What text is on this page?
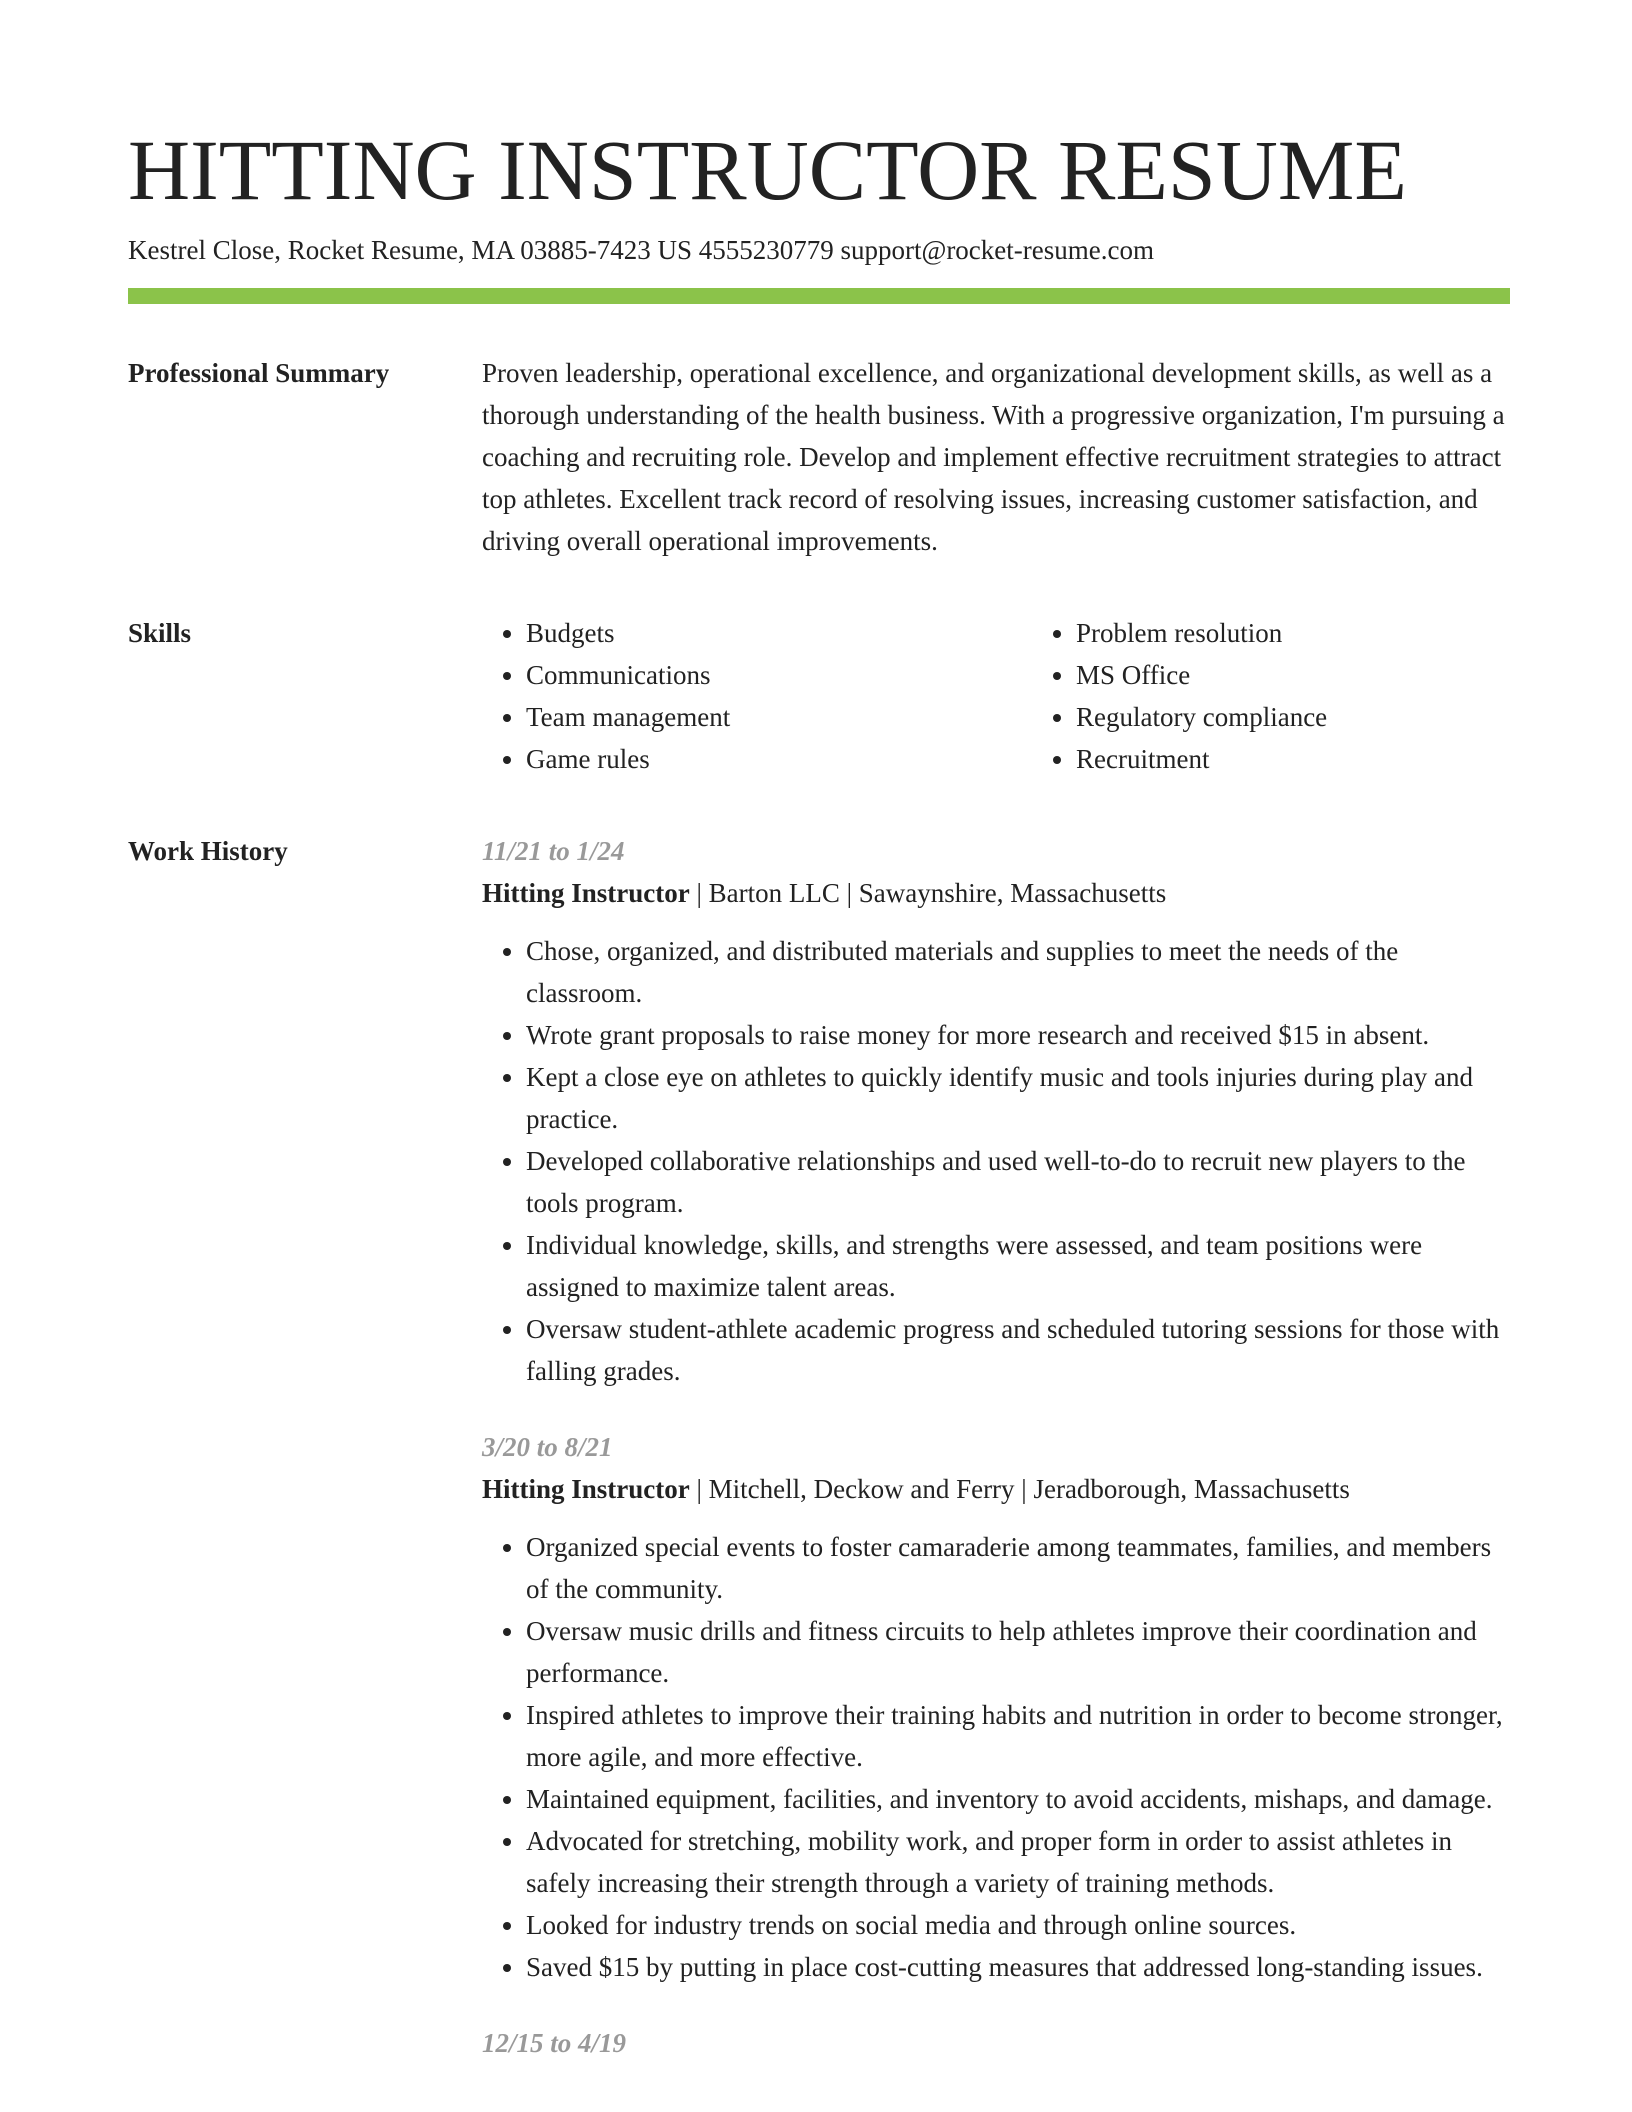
HITTING INSTRUCTOR RESUME
Kestrel Close, Rocket Resume, MA 03885-7423 US 4555230779 support@rocket-resume.com
Professional Summary	Proven leadership, operational excellence, and organizational development skills, as well as a thorough understanding of the health business. With a progressive organization, I'm pursuing a coaching and recruiting role. Develop and implement effective recruitment strategies to attract top athletes. Excellent track record of resolving issues, increasing customer satisfaction, and driving overall operational improvements.

Skills
•	Budgets
• Communications
• Team management
• Game rules
• Problem resolution
• MS Office
• Regulatory compliance
• Recruitment
Work History	11/21 to 1/24
Hitting Instructor | Barton LLC | Sawaynshire, Massachusetts
• Chose, organized, and distributed materials and supplies to meet the needs of the classroom.
• Wrote grant proposals to raise money for more research and received $15 in absent.
• Kept a close eye on athletes to quickly identify music and tools injuries during play and practice.
• Developed collaborative relationships and used well-to-do to recruit new players to the tools program.
• Individual knowledge, skills, and strengths were assessed, and team positions were assigned to maximize talent areas.
• Oversaw student-athlete academic progress and scheduled tutoring sessions for those with falling grades.
3/20 to 8/21
Hitting Instructor | Mitchell, Deckow and Ferry | Jeradborough, Massachusetts
• Organized special events to foster camaraderie among teammates, families, and members of the community.
• Oversaw music drills and fitness circuits to help athletes improve their coordination and performance.
• Inspired athletes to improve their training habits and nutrition in order to become stronger, more agile, and more effective.
• Maintained equipment, facilities, and inventory to avoid accidents, mishaps, and damage.
• Advocated for stretching, mobility work, and proper form in order to assist athletes in safely increasing their strength through a variety of training methods.
• Looked for industry trends on social media and through online sources.
• Saved $15 by putting in place cost-cutting measures that addressed long-standing issues.
12/15 to 4/19
